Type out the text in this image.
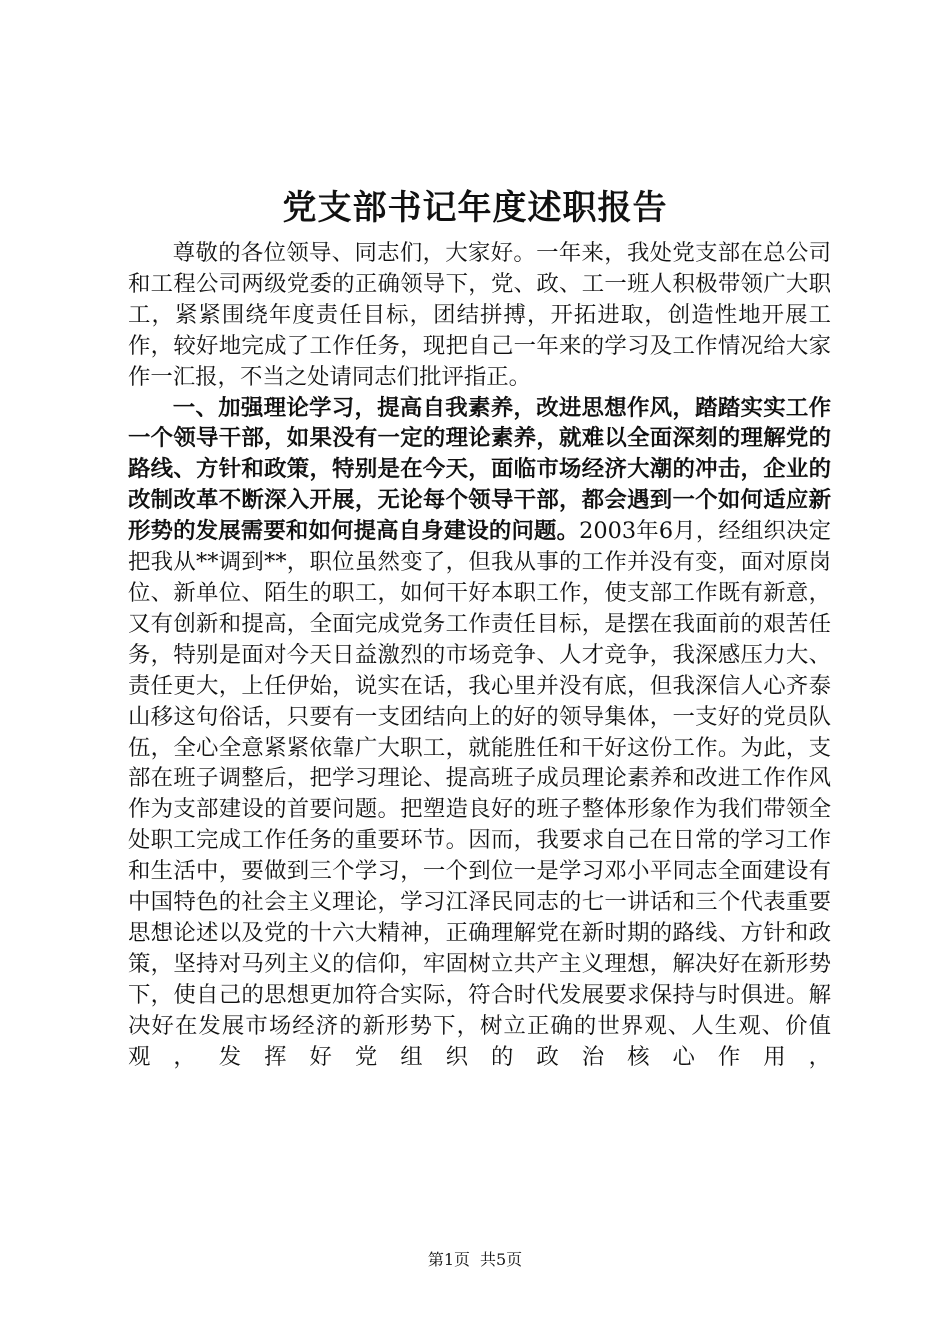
党支部书记年度述职报告

尊敬的各位领导、同志们，大家好。一年来，我处党支部在总公司和工程公司两级党委的正确领导下，党、政、工一班人积极带领广大职工，紧紧围绕年度责任目标，团结拼搏，开拓进取，创造性地开展工作，较好地完成了工作任务，现把自己一年来的学习及工作情况给大家作一汇报，不当之处请同志们批评指正。

一、加强理论学习，提高自我素养，改进思想作风，踏踏实实工作一个领导干部，如果没有一定的理论素养，就难以全面深刻的理解党的路线、方针和政策，特别是在今天，面临市场经济大潮的冲击，企业的改制改革不断深入开展，无论每个领导干部，都会遇到一个如何适应新形势的发展需要和如何提高自身建设的问题。2003年6月，经组织决定把我从**调到**，职位虽然变了，但我从事的工作并没有变，面对原岗位、新单位、陌生的职工，如何干好本职工作，使支部工作既有新意，又有创新和提高，全面完成党务工作责任目标，是摆在我面前的艰苦任务，特别是面对今天日益激烈的市场竞争、人才竞争，我深感压力大、责任更大，上任伊始，说实在话，我心里并没有底，但我深信人心齐泰山移这句俗话，只要有一支团结向上的好的领导集体，一支好的党员队伍，全心全意紧紧依靠广大职工，就能胜任和干好这份工作。为此，支部在班子调整后，把学习理论、提高班子成员理论素养和改进工作作风作为支部建设的首要问题。把塑造良好的班子整体形象作为我们带领全处职工完成工作任务的重要环节。因而，我要求自己在日常的学习工作和生活中，要做到三个学习，一个到位一是学习邓小平同志全面建设有中国特色的社会主义理论，学习江泽民同志的七一讲话和三个代表重要思想论述以及党的十六大精神，正确理解党在新时期的路线、方针和政策，坚持对马列主义的信仰，牢固树立共产主义理想，解决好在新形势下，使自己的思想更加符合实际，符合时代发展要求保持与时俱进。解决好在发展市场经济的新形势下，树立正确的世界观、人生观、价值观，发挥好党组织的政治核心作用，

第1页 共5页
